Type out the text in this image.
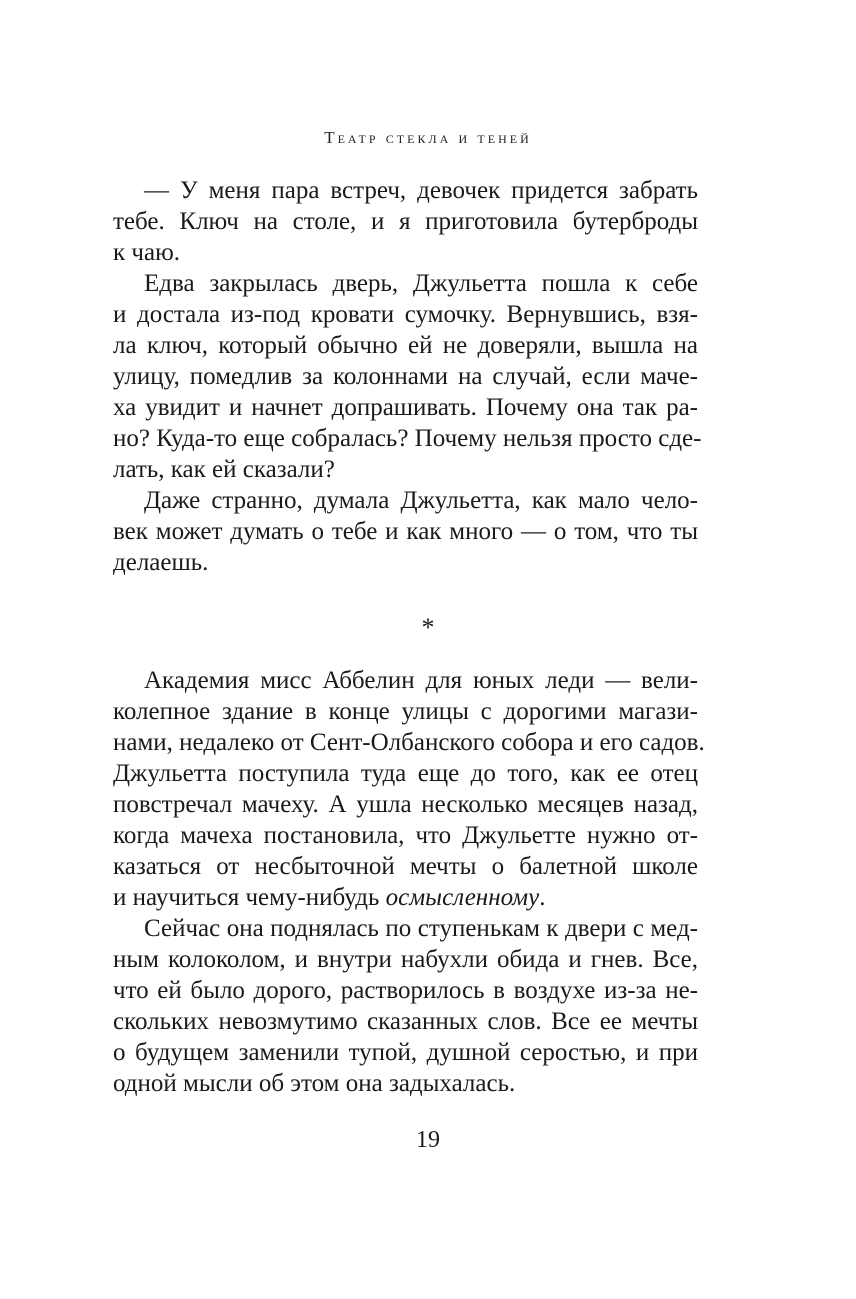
Театр стекла и теней
— У меня пара встреч, девочек придется забрать
тебе. Ключ на столе, и я приготовила бутерброды
к чаю.
Едва закрылась дверь, Джульетта пошла к себе
и достала из-под кровати сумочку. Вернувшись, взя-
ла ключ, который обычно ей не доверяли, вышла на
улицу, помедлив за колоннами на случай, если маче-
ха увидит и начнет допрашивать. Почему она так ра-
но? Куда-то еще собралась? Почему нельзя просто сде-
лать, как ей сказали?
Даже странно, думала Джульетта, как мало чело-
век может думать о тебе и как много — о том, что ты
делаешь.
*
Академия мисс Аббелин для юных леди — вели-
колепное здание в конце улицы с дорогими магази-
нами, недалеко от Сент-Олбанского собора и его садов.
Джульетта поступила туда еще до того, как ее отец
повстречал мачеху. А ушла несколько месяцев назад,
когда мачеха постановила, что Джульетте нужно от-
казаться от несбыточной мечты о балетной школе
и научиться чему-нибудь осмысленному.
Сейчас она поднялась по ступенькам к двери с мед-
ным колоколом, и внутри набухли обида и гнев. Все,
что ей было дорого, растворилось в воздухе из-за не-
скольких невозмутимо сказанных слов. Все ее мечты
о будущем заменили тупой, душной серостью, и при
одной мысли об этом она задыхалась.
19
